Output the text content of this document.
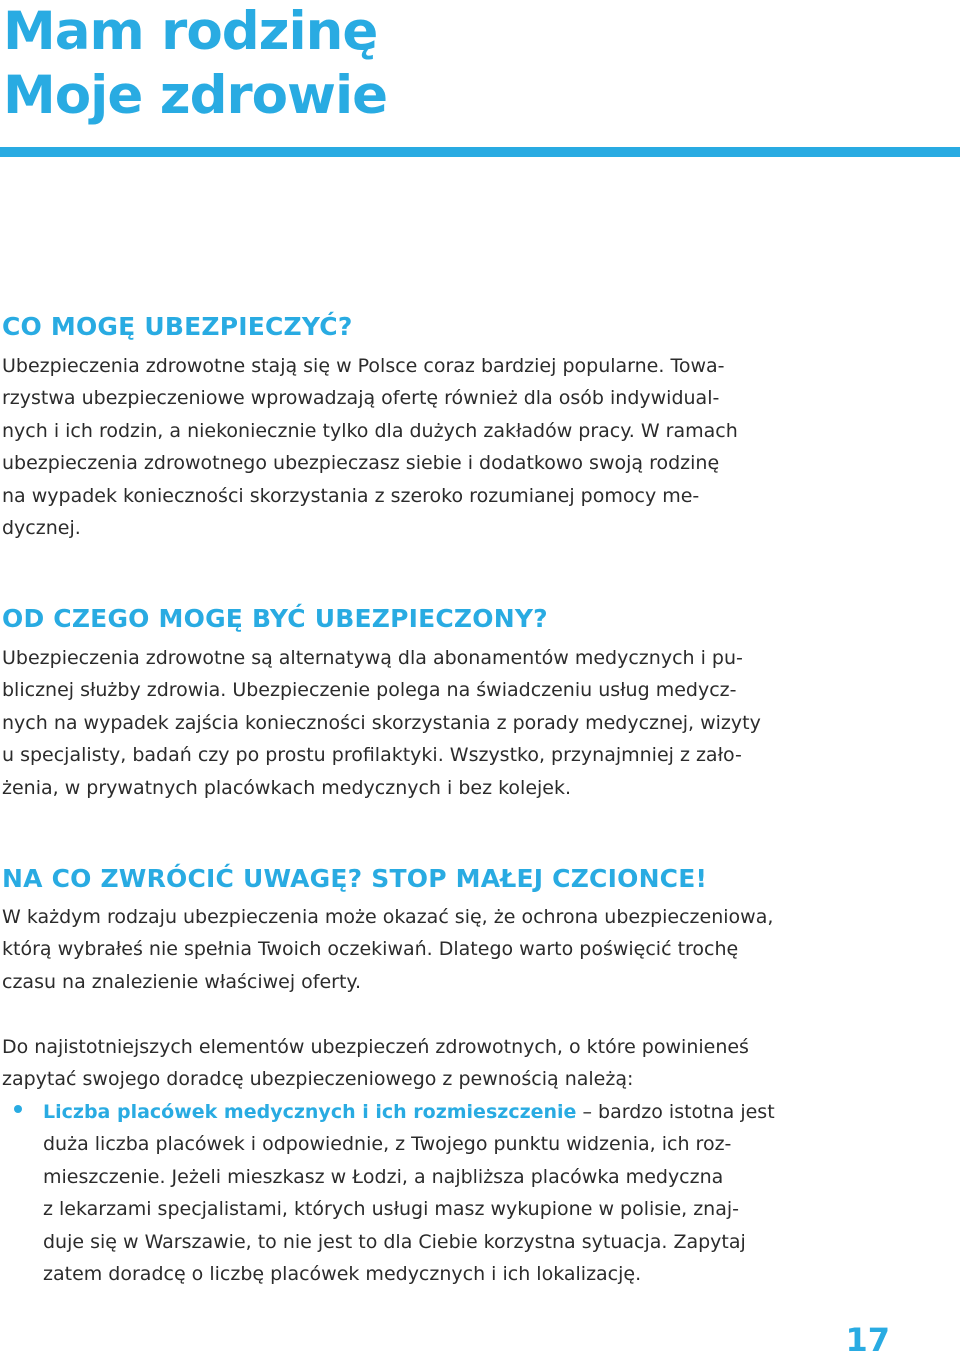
Mam rodzinę
Moje zdrowie
CO MOGĘ UBEZPIECZYĆ?

Ubezpieczenia zdrowotne stają się w Polsce coraz bardziej popularne. Towa-
rzystwa ubezpieczeniowe wprowadzają ofertę również dla osób indywidual-
nych i ich rodzin, a niekoniecznie tylko dla dużych zakładów pracy. W ramach
ubezpieczenia zdrowotnego ubezpieczasz siebie i dodatkowo swoją rodzinę
na wypadek konieczności skorzystania z szeroko rozumianej pomocy me-
dycznej.

OD CZEGO MOGĘ BYĆ UBEZPIECZONY?

Ubezpieczenia zdrowotne są alternatywą dla abonamentów medycznych i pu-
blicznej służby zdrowia. Ubezpieczenie polega na świadczeniu usług medycz-
nych na wypadek zajścia konieczności skorzystania z porady medycznej, wizyty
u specjalisty, badań czy po prostu profilaktyki. Wszystko, przynajmniej z zało-
żenia, w prywatnych placówkach medycznych i bez kolejek.

NA CO ZWRÓCIĆ UWAGĘ? STOP MAŁEJ CZCIONCE!

W każdym rodzaju ubezpieczenia może okazać się, że ochrona ubezpieczeniowa,
którą wybrałeś nie spełnia Twoich oczekiwań. Dlatego warto poświęcić trochę
czasu na znalezienie właściwej oferty.

Do najistotniejszych elementów ubezpieczeń zdrowotnych, o które powinieneś
zapytać swojego doradcę ubezpieczeniowego z pewnością należą:

Liczba placówek medycznych i ich rozmieszczenie – bardzo istotna jest
duża liczba placówek i odpowiednie, z Twojego punktu widzenia, ich roz-
mieszczenie. Jeżeli mieszkasz w Łodzi, a najbliższa placówka medyczna
z lekarzami specjalistami, których usługi masz wykupione w polisie, znaj-
duje się w Warszawie, to nie jest to dla Ciebie korzystna sytuacja. Zapytaj
zatem doradcę o liczbę placówek medycznych i ich lokalizację.

17
